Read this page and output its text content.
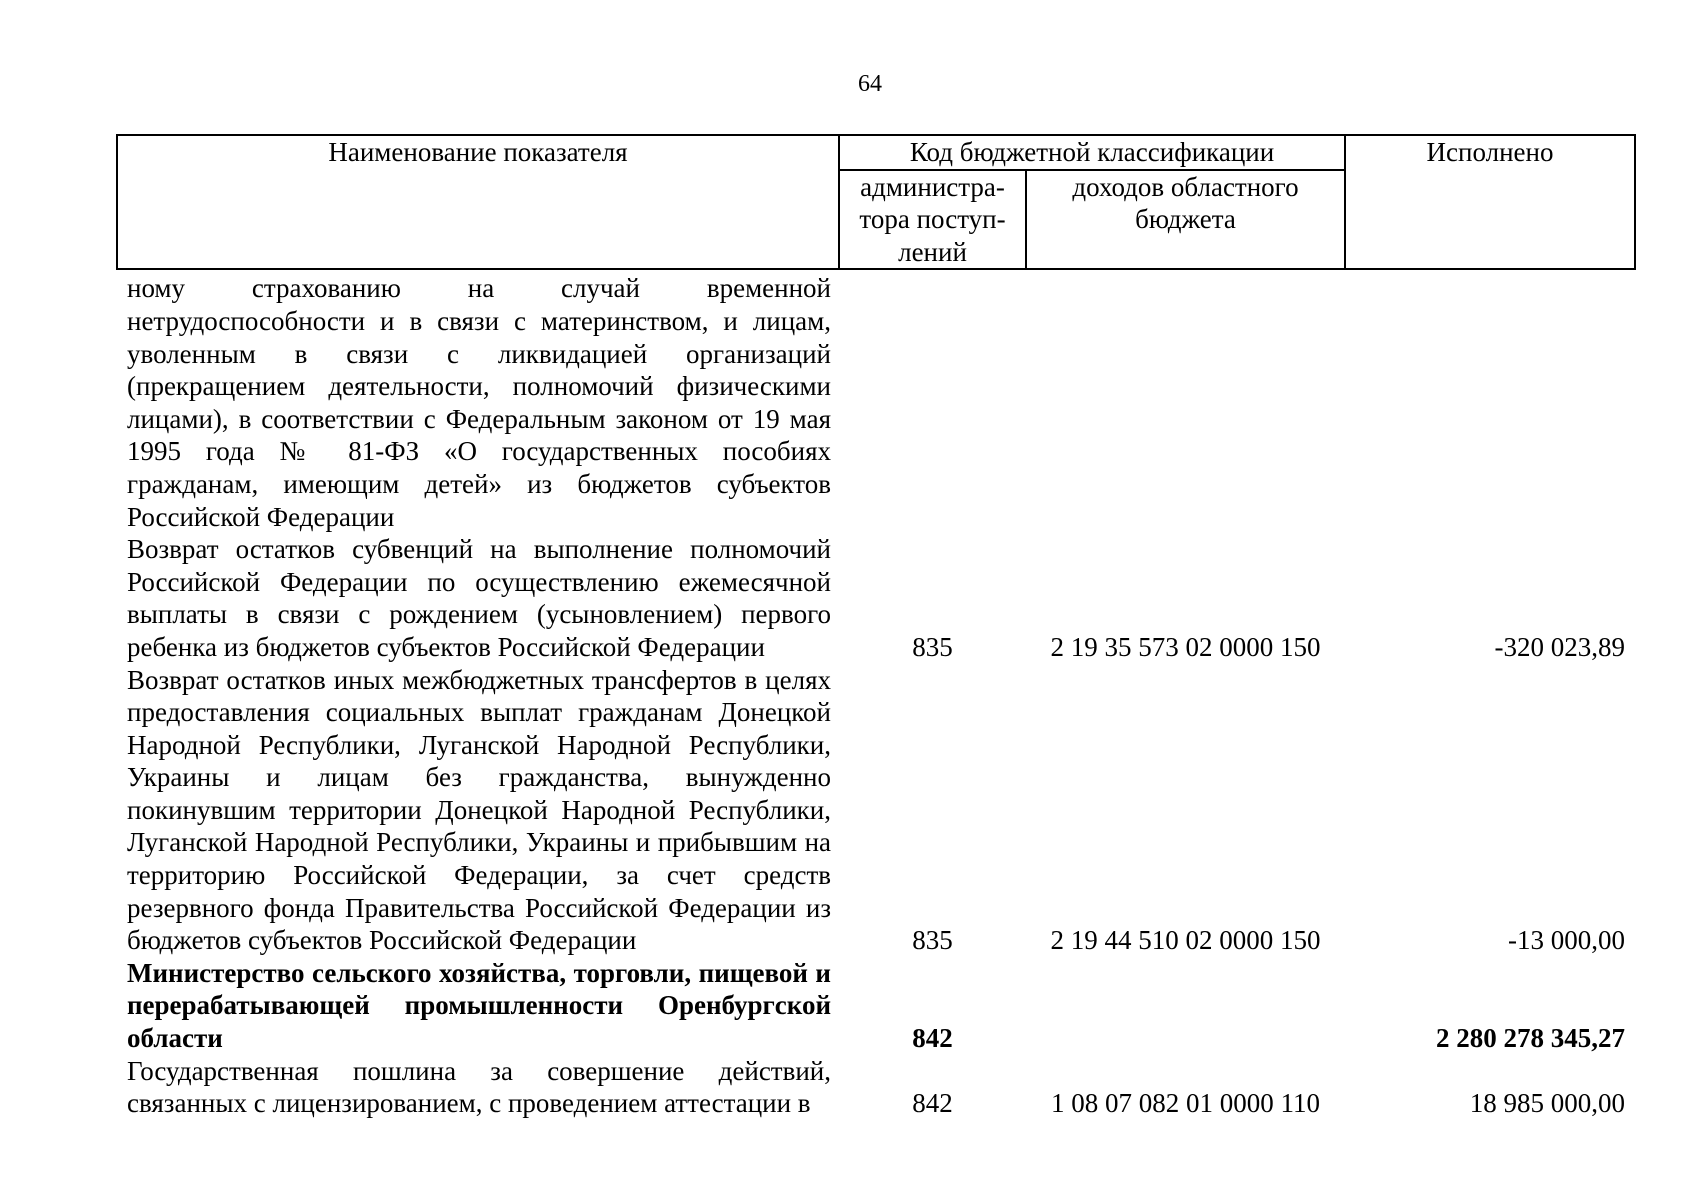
64
Наименование показателя	Код бюджетной классификации		Исполнено
	администра-тора поступ-лений	доходов областного бюджета	
ному страхованию на случай временной нетрудоспособности и в связи с материнством, и лицам, уволенным в связи с ликвидацией организаций (прекращением деятельности, полномочий физическими лицами), в соответствии с Федеральным законом от 19 мая 1995 года № 81-ФЗ «О государственных пособиях гражданам, имеющим детей» из бюджетов субъектов Российской Федерации			
Возврат остатков субвенций на выполнение полномочий Российской Федерации по осуществлению ежемесячной выплаты в связи с рождением (усыновлением) первого ребенка из бюджетов субъектов Российской Федерации	835	2 19 35 573 02 0000 150	-320 023,89
Возврат остатков иных межбюджетных трансфертов в целях предоставления социальных выплат гражданам Донецкой Народной Республики, Луганской Народной Республики, Украины и лицам без гражданства, вынужденно покинувшим территории Донецкой Народной Республики, Луганской Народной Республики, Украины и прибывшим на территорию Российской Федерации, за счет средств резервного фонда Правительства Российской Федерации из бюджетов субъектов Российской Федерации	835	2 19 44 510 02 0000 150	-13 000,00
Министерство сельского хозяйства, торговли, пищевой и перерабатывающей промышленности Оренбургской области	842		2 280 278 345,27
Государственная пошлина за совершение действий, связанных с лицензированием, с проведением аттестации в	842	1 08 07 082 01 0000 110	18 985 000,00
